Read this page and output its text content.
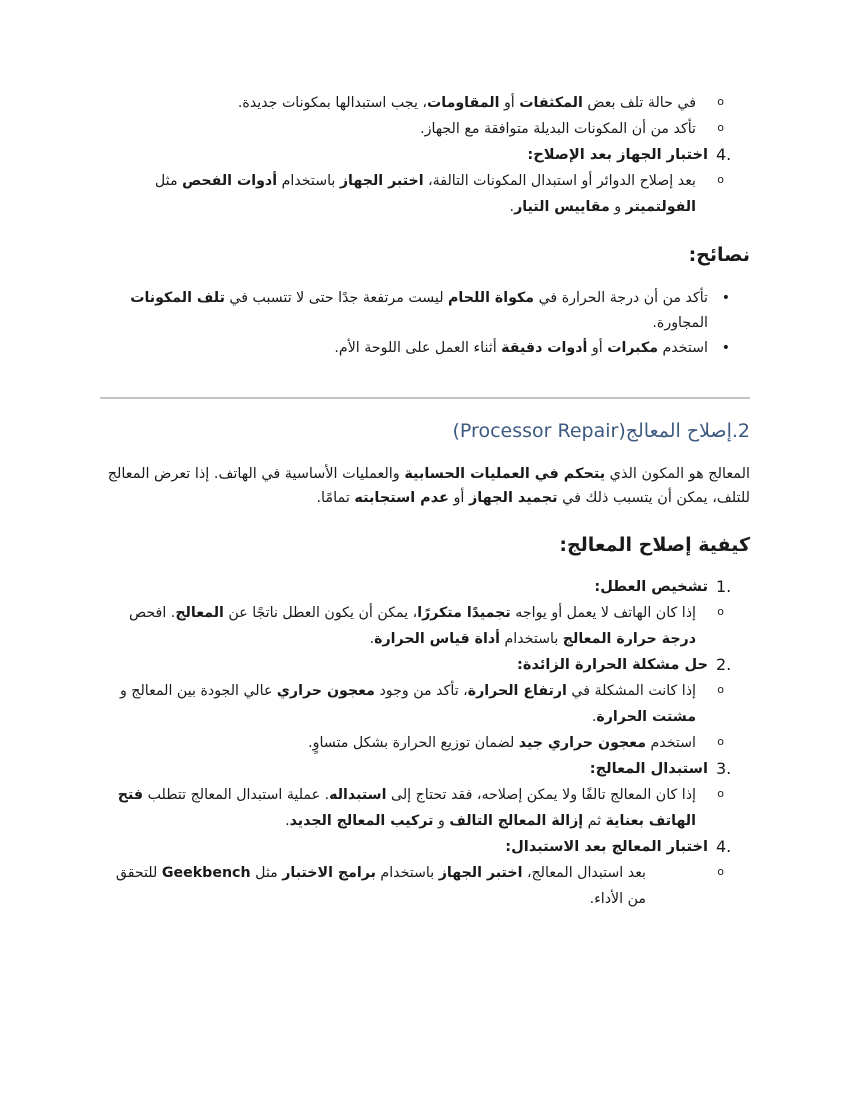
o في حالة تلف بعض المكثفات أو المقاومات، يجب استبدالها بمكونات جديدة.

o تأكد من أن المكونات البديلة متوافقة مع الجهاز.

4.
اختبار الجهاز بعد الإصلاح:

o بعد إصلاح الدوائر أو استبدال المكونات التالفة، اختبر الجهاز باستخدام أدوات الفحص مثل الفولتميتر و مقاييس التيار.

نصائح:

• تأكد من أن درجة الحرارة في مكواة اللحام ليست مرتفعة جدًا حتى لا تتسبب في تلف المكونات المجاورة.

• استخدم مكبرات أو أدوات دقيقة أثناء العمل على اللوحة الأم.

2.إصلاح المعالج(Processor Repair)

المعالج هو المكون الذي يتحكم في العمليات الحسابية والعمليات الأساسية في الهاتف. إذا تعرض المعالج للتلف، يمكن أن يتسبب ذلك في تجميد الجهاز أو عدم استجابته تمامًا.

كيفية إصلاح المعالج:

1.
تشخيص العطل:

o إذا كان الهاتف لا يعمل أو يواجه تجميدًا متكررًا، يمكن أن يكون العطل ناتجًا عن المعالج. افحص درجة حرارة المعالج باستخدام أداة قياس الحرارة.

2.
حل مشكلة الحرارة الزائدة:

o إذا كانت المشكلة في ارتفاع الحرارة، تأكد من وجود معجون حراري عالي الجودة بين المعالج و مشتت الحرارة.

o استخدم معجون حراري جيد لضمان توزيع الحرارة بشكل متساوٍ.

3.
استبدال المعالج:

o إذا كان المعالج تالفًا ولا يمكن إصلاحه، فقد تحتاج إلى استبداله. عملية استبدال المعالج تتطلب فتح الهاتف بعناية ثم إزالة المعالج التالف و تركيب المعالج الجديد.

4.
اختبار المعالج بعد الاستبدال:

o بعد استبدال المعالج، اختبر الجهاز باستخدام برامج الاختبار مثل Geekbench للتحقق من الأداء.
